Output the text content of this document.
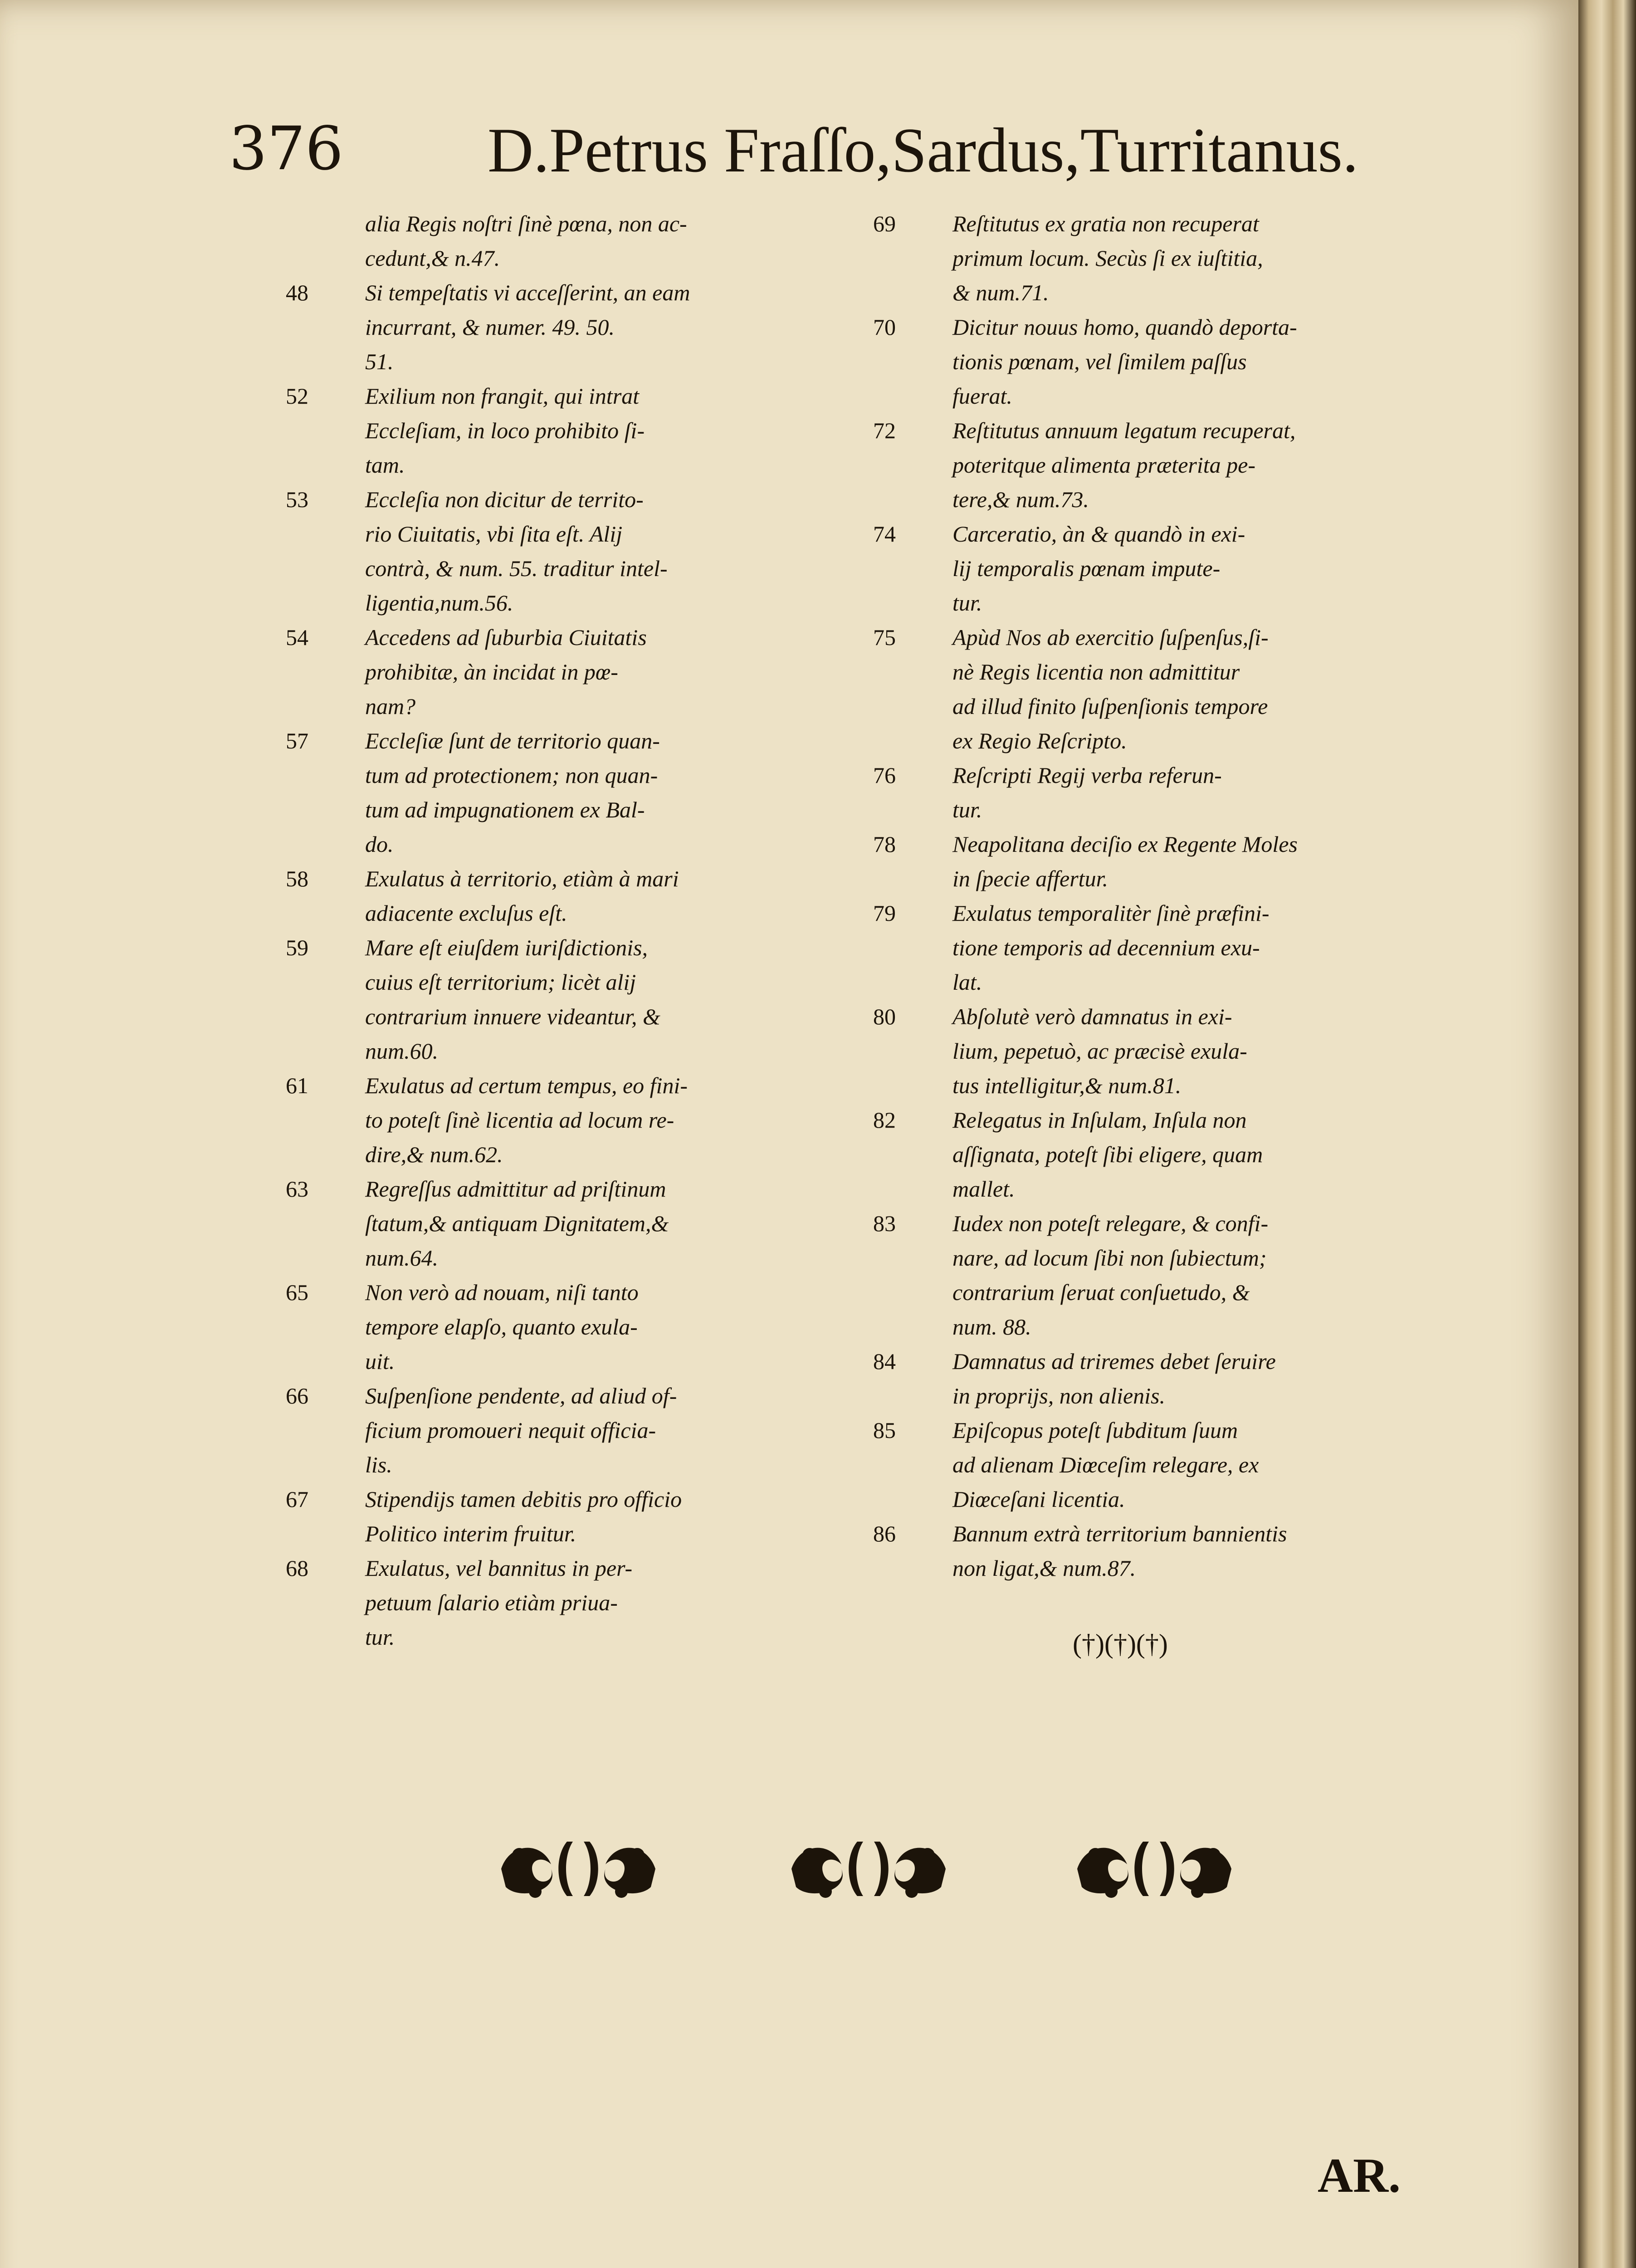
376 D.Petrus Fraſſo,Sardus,Turritanus.
alia Regis noſtri ſinè pœna, non ac-
cedunt,& n.47.
48	Si tempeſtatis vi acceſſerint, an eam
incurrant, & numer. 49. 50.
51.
52	Exilium non frangit, qui intrat
Eccleſiam, in loco prohibito ſi-
tam.
53	Eccleſia non dicitur de territo-
rio Ciuitatis, vbi ſita eſt. Alij
contrà, & num. 55. traditur intel-
ligentia,num.56.
54	Accedens ad ſuburbia Ciuitatis
prohibitæ, àn incidat in pœ-
nam?
57	Eccleſiæ ſunt de territorio quan-
tum ad protectionem; non quan-
tum ad impugnationem ex Bal-
do.
58	Exulatus à territorio, etiàm à mari
adiacente excluſus eſt.
59	Mare eſt eiuſdem iuriſdictionis,
cuius eſt territorium; licèt alij
contrarium innuere videantur, &
num.60.
61	Exulatus ad certum tempus, eo fini-
to poteſt ſinè licentia ad locum re-
dire,& num.62.
63	Regreſſus admittitur ad priſtinum
ſtatum,& antiquam Dignitatem,&
num.64.
65	Non verò ad nouam, niſi tanto
tempore elapſo, quanto exula-
uit.
66	Suſpenſione pendente, ad aliud of-
ficium promoueri nequit officia-
lis.
67	Stipendijs tamen debitis pro officio
Politico interim fruitur.
68	Exulatus, vel bannitus in per-
petuum ſalario etiàm priua-
tur.
69	Reſtitutus ex gratia non recuperat
primum locum. Secùs ſi ex iuſtitia,
& num.71.
70	Dicitur nouus homo, quandò deporta-
tionis pœnam, vel ſimilem paſſus
fuerat.
72	Reſtitutus annuum legatum recuperat,
poteritque alimenta præterita pe-
tere,& num.73.
74	Carceratio, àn & quandò in exi-
lij temporalis pœnam impute-
tur.
75	Apùd Nos ab exercitio ſuſpenſus,ſi-
nè Regis licentia non admittitur
ad illud finito ſuſpenſionis tempore
ex Regio Reſcripto.
76	Reſcripti Regij verba referun-
tur.
78	Neapolitana deciſio ex Regente Moles
in ſpecie affertur.
79	Exulatus temporalitèr ſinè præfini-
tione temporis ad decennium exu-
lat.
80	Abſolutè verò damnatus in exi-
lium, pepetuò, ac præcisè exula-
tus intelligitur,& num.81.
82	Relegatus in Inſulam, Inſula non
aſſignata, poteſt ſibi eligere, quam
mallet.
83	Iudex non poteſt relegare, & confi-
nare, ad locum ſibi non ſubiectum;
contrarium ſeruat conſuetudo, &
num. 88.
84	Damnatus ad triremes debet ſeruire
in proprijs, non alienis.
85	Epiſcopus poteſt ſubditum ſuum
ad alienam Diœceſim relegare, ex
Diœceſani licentia.
86	Bannum extrà territorium bannientis
non ligat,& num.87.
(†)(†)(†)
AR.
